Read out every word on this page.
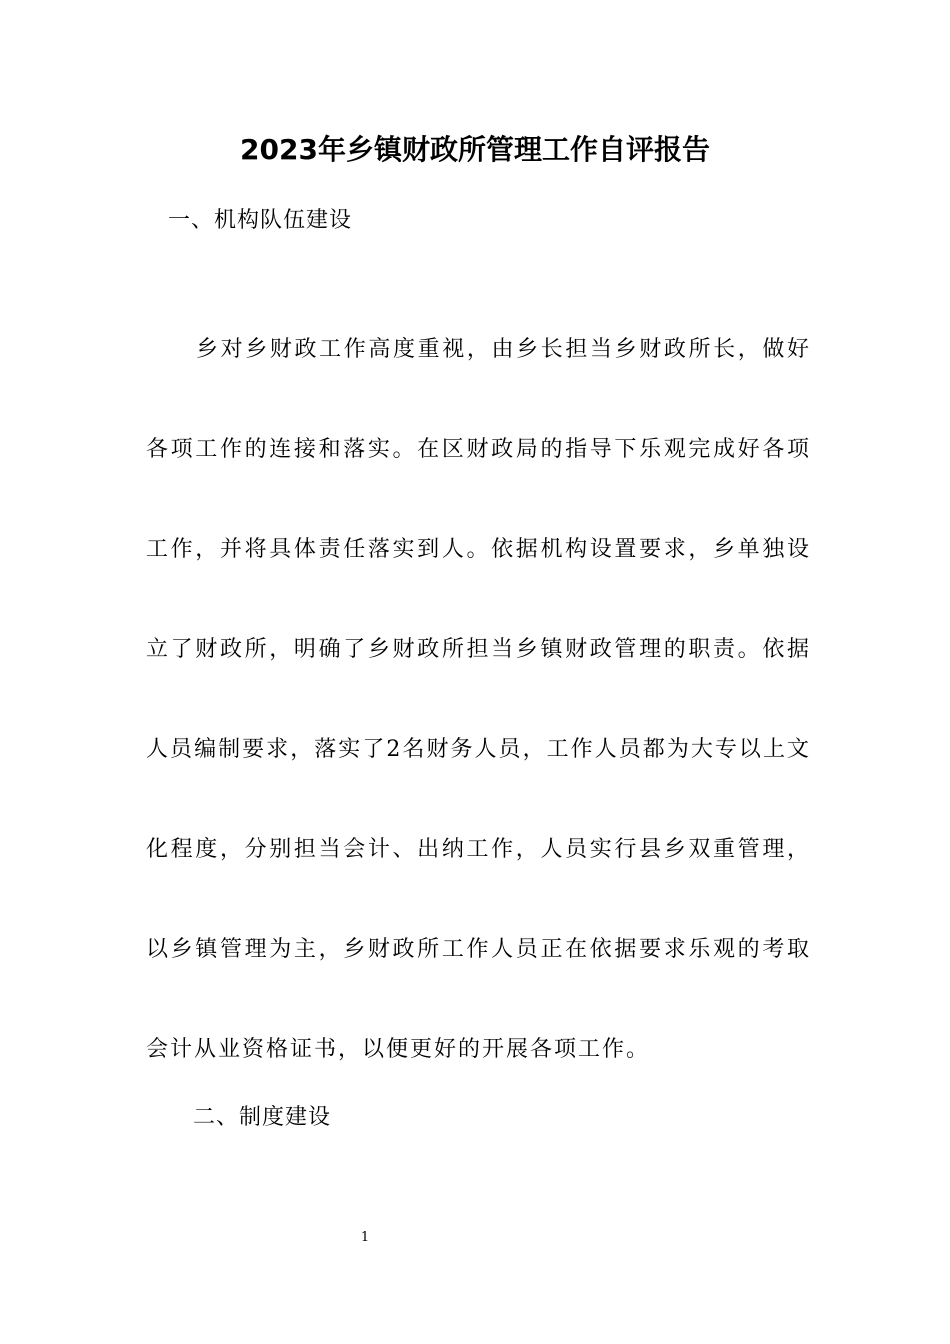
2023年乡镇财政所管理工作自评报告
一、机构队伍建设

乡对乡财政工作高度重视，由乡长担当乡财政所长，做好各项工作的连接和落实。在区财政局的指导下乐观完成好各项工作，并将具体责任落实到人。依据机构设置要求，乡单独设立了财政所，明确了乡财政所担当乡镇财政管理的职责。依据人员编制要求，落实了2名财务人员，工作人员都为大专以上文化程度，分别担当会计、出纳工作，人员实行县乡双重管理，以乡镇管理为主，乡财政所工作人员正在依据要求乐观的考取会计从业资格证书，以便更好的开展各项工作。

二、制度建设
1
